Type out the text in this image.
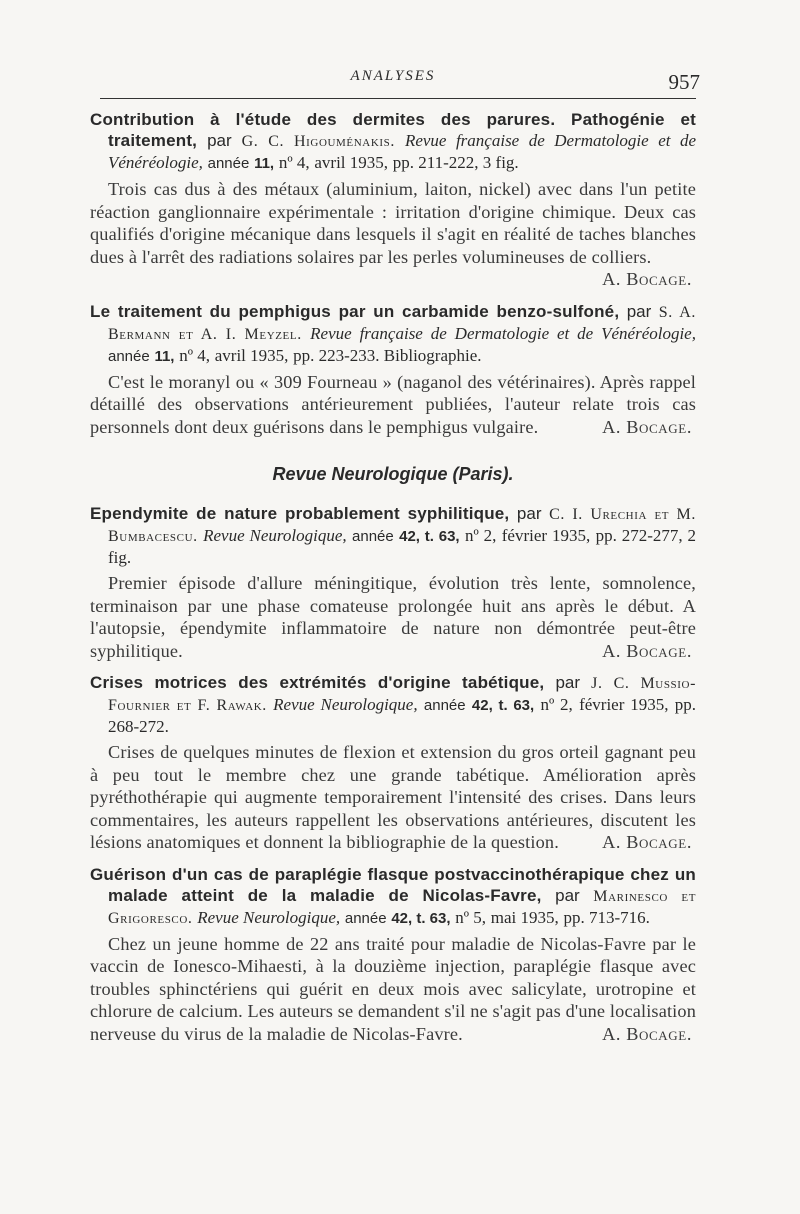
ANALYSES	957
Contribution à l'étude des dermites des parures. Pathogénie et traitement, par G. C. Higouménakis. Revue française de Dermatologie et de Vénéréologie, année 11, nº 4, avril 1935, pp. 211-222, 3 fig.
Trois cas dus à des métaux (aluminium, laiton, nickel) avec dans l'un petite réaction ganglionnaire expérimentale : irritation d'origine chimique. Deux cas qualifiés d'origine mécanique dans lesquels il s'agit en réalité de taches blanches dues à l'arrêt des radiations solaires par les perles volumineuses de colliers.
A. Bocage.
Le traitement du pemphigus par un carbamide benzo-sulfoné, par S. A. Bermann et A. I. Meyzel. Revue française de Dermatologie et de Vénéréologie, année 11, nº 4, avril 1935, pp. 223-233. Bibliographie.
C'est le moranyl ou « 309 Fourneau » (naganol des vétérinaires). Après rappel détaillé des observations antérieurement publiées, l'auteur relate trois cas personnels dont deux guérisons dans le pemphigus vulgaire.	A. Bocage.
Revue Neurologique (Paris).
Ependymite de nature probablement syphilitique, par C. I. Urechia et M. Bumbacescu. Revue Neurologique, année 42, t. 63, nº 2, février 1935, pp. 272-277, 2 fig.
Premier épisode d'allure méningitique, évolution très lente, somnolence, terminaison par une phase comateuse prolongée huit ans après le début. A l'autopsie, épendymite inflammatoire de nature non démontrée peut-être syphilitique.	A. Bocage.
Crises motrices des extrémités d'origine tabétique, par J. C. Mussio-Fournier et F. Rawak. Revue Neurologique, année 42, t. 63, nº 2, février 1935, pp. 268-272.
Crises de quelques minutes de flexion et extension du gros orteil gagnant peu à peu tout le membre chez une grande tabétique. Amélioration après pyréthothérapie qui augmente temporairement l'intensité des crises. Dans leurs commentaires, les auteurs rappellent les observations antérieures, discutent les lésions anatomiques et donnent la bibliographie de la question. A. Bocage.
Guérison d'un cas de paraplégie flasque postvaccinothérapique chez un malade atteint de la maladie de Nicolas-Favre, par Marinesco et Grigoresco. Revue Neurologique, année 42, t. 63, nº 5, mai 1935, pp. 713-716.
Chez un jeune homme de 22 ans traité pour maladie de Nicolas-Favre par le vaccin de Ionesco-Mihaesti, à la douzième injection, paraplégie flasque avec troubles sphinctériens qui guérit en deux mois avec salicylate, urotropine et chlorure de calcium. Les auteurs se demandent s'il ne s'agit pas d'une localisation nerveuse du virus de la maladie de Nicolas-Favre.	A. Bocage.
